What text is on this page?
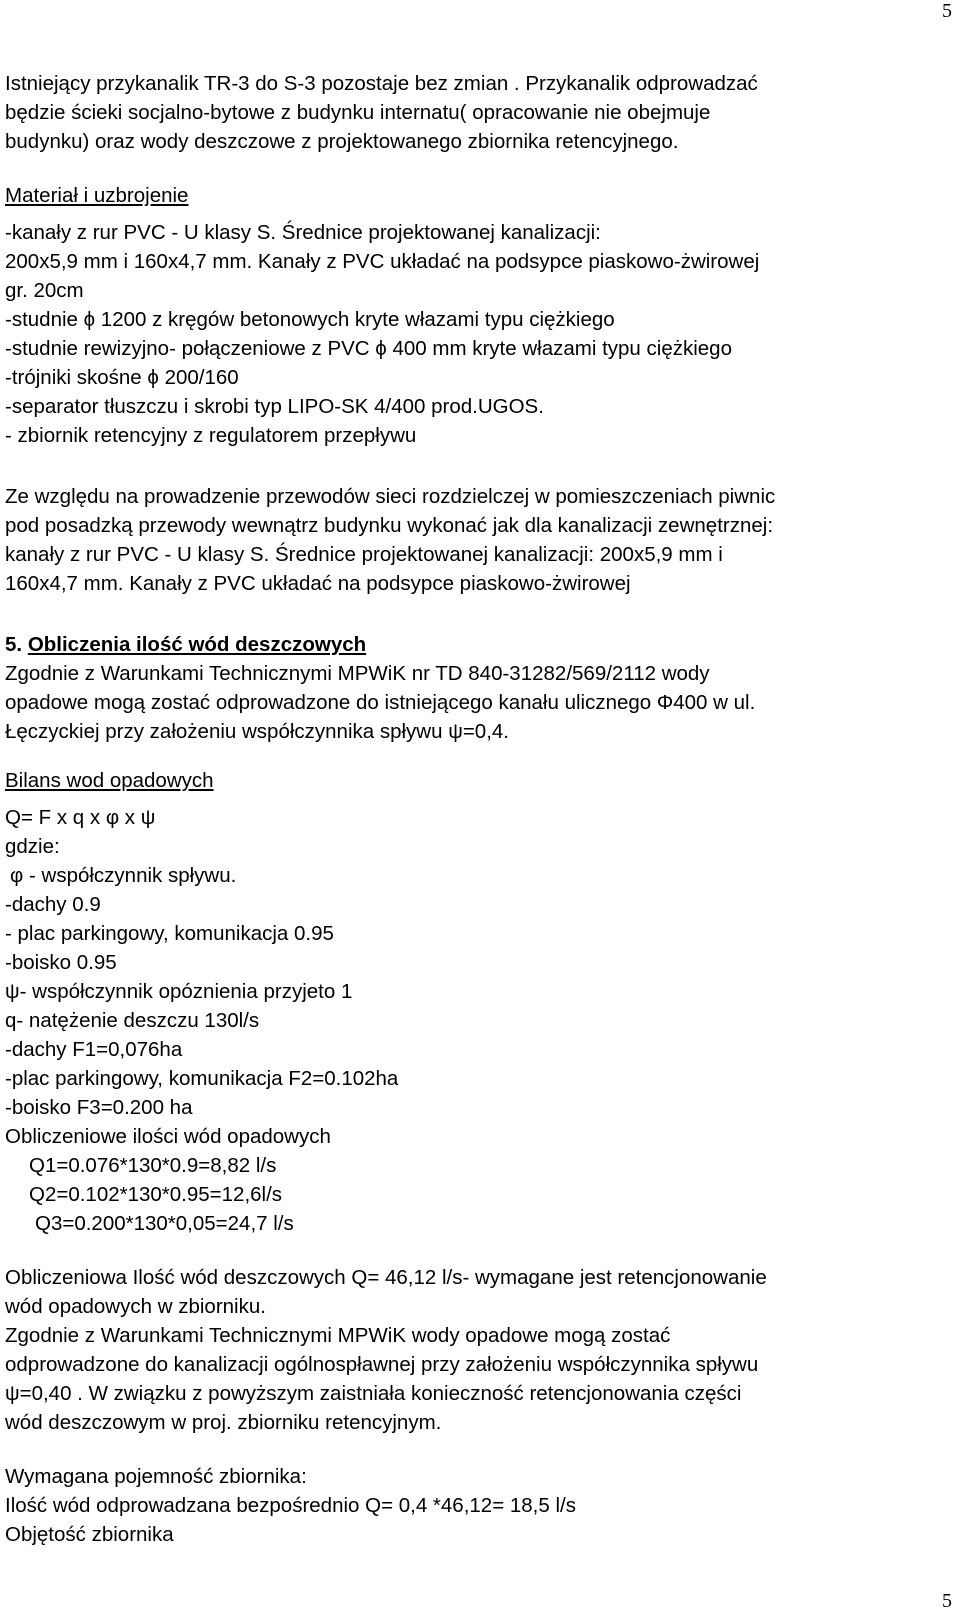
5

Istniejący przykanalik TR-3 do S-3 pozostaje bez zmian . Przykanalik odprowadzać

będzie ścieki socjalno-bytowe z budynku internatu( opracowanie nie obejmuje

budynku) oraz wody deszczowe z projektowanego zbiornika retencyjnego.

Materiał i uzbrojenie

-kanały z rur PVC - U klasy S. Średnice projektowanej kanalizacji:

200x5,9 mm i 160x4,7 mm. Kanały z PVC układać na podsypce piaskowo-żwirowej

gr. 20cm

-studnie ϕ 1200 z kręgów betonowych kryte włazami typu ciężkiego

-studnie rewizyjno- połączeniowe z PVC ϕ 400 mm kryte włazami typu ciężkiego

-trójniki skośne ϕ 200/160

-separator tłuszczu i skrobi typ LIPO-SK 4/400 prod.UGOS.

- zbiornik retencyjny z regulatorem przepływu

Ze względu na prowadzenie przewodów sieci rozdzielczej w pomieszczeniach piwnic

pod posadzką przewody wewnątrz budynku wykonać jak dla kanalizacji zewnętrznej:

kanały z rur PVC - U klasy S. Średnice projektowanej kanalizacji: 200x5,9 mm i

160x4,7 mm. Kanały z PVC układać na podsypce piaskowo-żwirowej

5. Obliczenia ilość wód deszczowych

Zgodnie z Warunkami Technicznymi MPWiK nr TD 840-31282/569/2112 wody

opadowe mogą zostać odprowadzone do istniejącego kanału ulicznego Φ400 w ul.

Łęczyckiej przy założeniu współczynnika spływu ψ=0,4.

Bilans wod opadowych

Q= F x q x φ x ψ

gdzie:

φ - współczynnik spływu.

-dachy 0.9

- plac parkingowy, komunikacja 0.95

-boisko 0.95

ψ- współczynnik opóznienia przyjeto 1

q- natężenie deszczu 130l/s

-dachy F1=0,076ha

-plac parkingowy, komunikacja F2=0.102ha

-boisko F3=0.200 ha

Obliczeniowe ilości wód opadowych

Q1=0.076*130*0.9=8,82 l/s

Q2=0.102*130*0.95=12,6l/s

Q3=0.200*130*0,05=24,7 l/s

Obliczeniowa Ilość wód deszczowych Q= 46,12 l/s- wymagane jest retencjonowanie

wód opadowych w zbiorniku.

Zgodnie z Warunkami Technicznymi MPWiK wody opadowe mogą zostać

odprowadzone do kanalizacji ogólnospławnej przy założeniu współczynnika spływu

ψ=0,40 . W związku z powyższym zaistniała konieczność retencjonowania części

wód deszczowym w proj. zbiorniku retencyjnym.

Wymagana pojemność zbiornika:

Ilość wód odprowadzana bezpośrednio Q= 0,4 *46,12= 18,5 l/s

Objętość zbiornika

5
